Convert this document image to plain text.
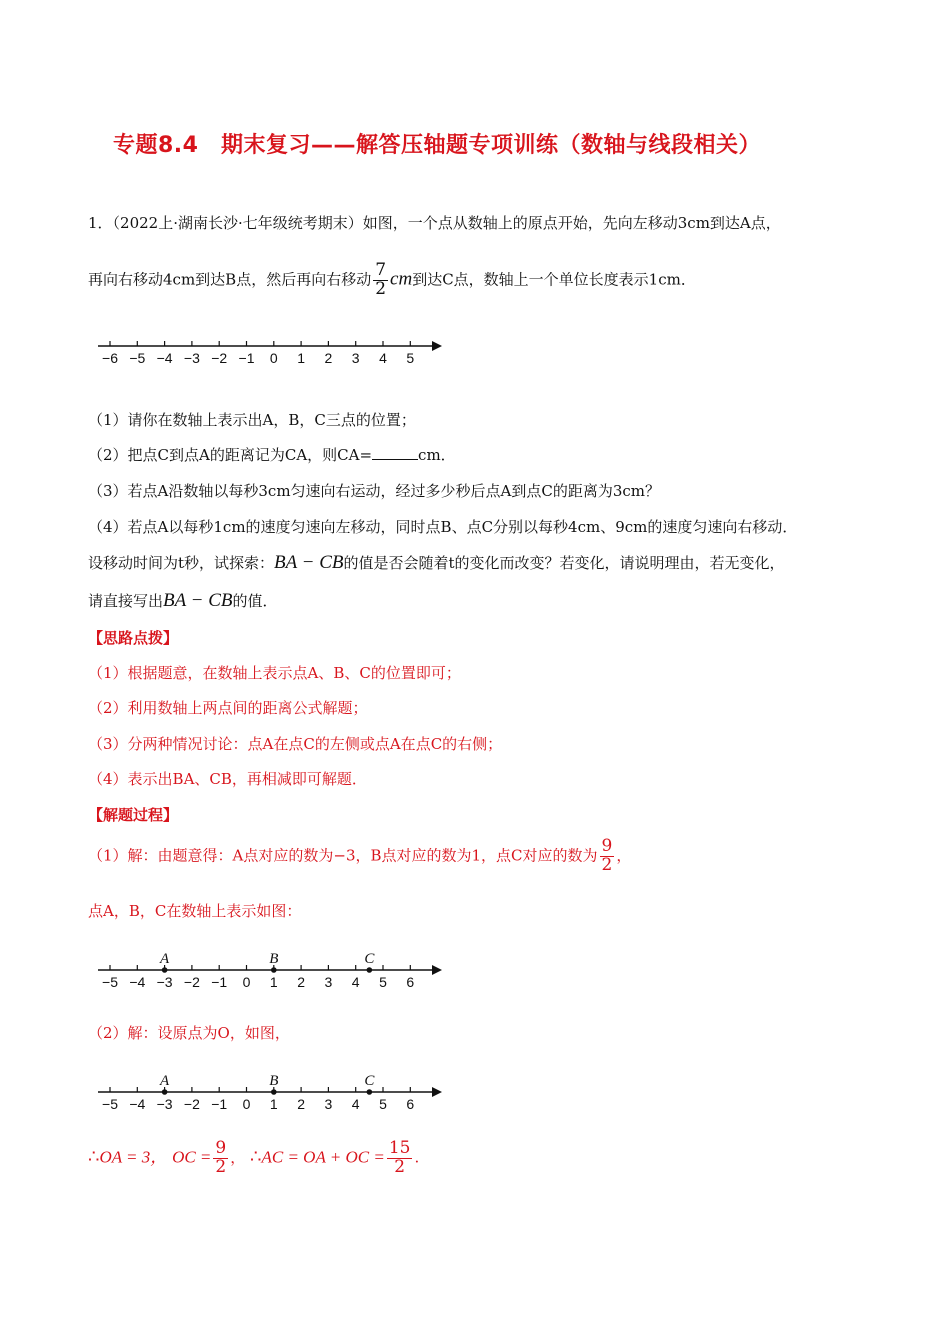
专题8.4　期末复习——解答压轴题专项训练（数轴与线段相关）
1．（2022上·湖南长沙·七年级统考期末）如图，一个点从数轴上的原点开始，先向左移动3cm到达A点，
再向右移动4cm到达B点，然后再向右移动 $\frac{7}{2}$ cm到达C点，数轴上一个单位长度表示1cm．
−6 −5 −4 −3 −2 −1 0 1 2 3 4 5
（1）请你在数轴上表示出A，B，C三点的位置；
（2）把点C到点A的距离记为CA，则CA=	cm．
（3）若点A沿数轴以每秒3cm匀速向右运动，经过多少秒后点A到点C的距离为3cm？
（4）若点A以每秒1cm的速度匀速向左移动，同时点B、点C分别以每秒4cm、9cm的速度匀速向右移动．
设移动时间为t秒，试探索：BA − CB的值是否会随着t的变化而改变？若变化，请说明理由，若无变化，
请直接写出BA − CB的值．
【思路点拨】
（1）根据题意，在数轴上表示点A、B、C的位置即可；
（2）利用数轴上两点间的距离公式解题；
（3）分两种情况讨论：点A在点C的左侧或点A在点C的右侧；
（4）表示出BA、CB，再相减即可解题．
【解题过程】
（1）解：由题意得：A点对应的数为−3，B点对应的数为1，点C对应的数为 $\frac{9}{2}$ ，
点A，B，C在数轴上表示如图：
−5 −4 −3 −2 −1 0 1 2 3 4 5 6
A	B	C
（2）解：设原点为O，如图，
−5 −4 −3 −2 −1 0 1 2 3 4 5 6
A	B	C
∴OA = 3， OC = $\frac{9}{2}$ ， ∴AC = OA + OC = $\frac{15}{2}$ .
